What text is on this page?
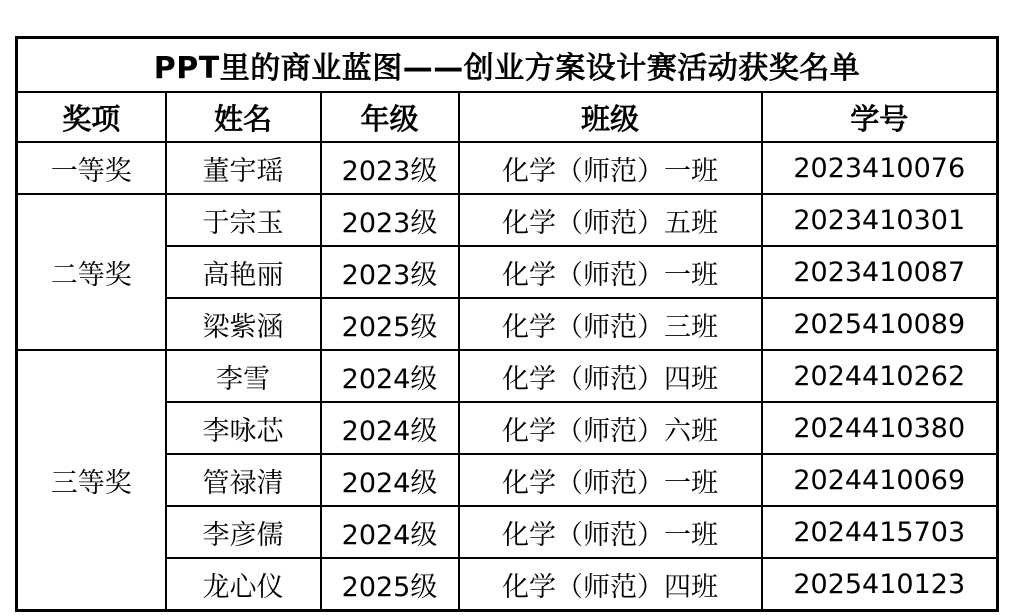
PPT里的商业蓝图——创业方案设计赛活动获奖名单				
奖项	姓名	年级	班级	学号
一等奖	董宇瑶	2023级	化学（师范）一班	2023410076
二等奖	于宗玉	2023级	化学（师范）五班	2023410301
	高艳丽	2023级	化学（师范）一班	2023410087
	梁紫涵	2025级	化学（师范）三班	2025410089
三等奖	李雪	2024级	化学（师范）四班	2024410262
	李咏芯	2024级	化学（师范）六班	2024410380
	管禄清	2024级	化学（师范）一班	2024410069
	李彦儒	2024级	化学（师范）一班	2024415703
	龙心仪	2025级	化学（师范）四班	2025410123
